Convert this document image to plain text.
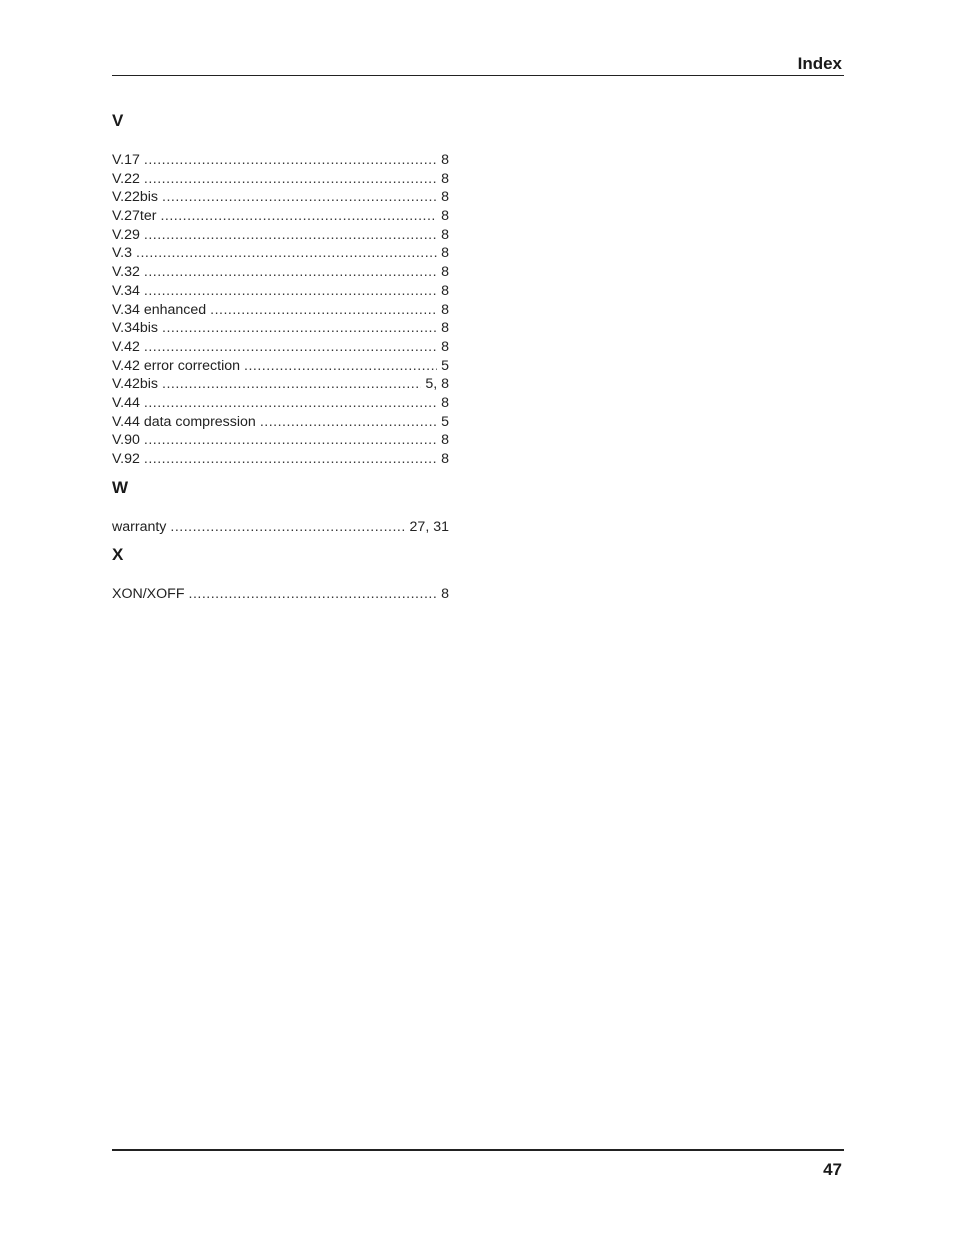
Index
V
V.17 .....	8
V.22 .....	8
V.22bis .....	8
V.27ter .....	8
V.29 .....	8
V.3 .....	8
V.32 .....	8
V.34 .....	8
V.34 enhanced .....	8
V.34bis .....	8
V.42 .....	8
V.42 error correction .....	5
V.42bis .....	5, 8
V.44 .....	8
V.44 data compression .....	5
V.90 .....	8
V.92 .....	8
W
warranty .....	27, 31
X
XON/XOFF .....	8
47
